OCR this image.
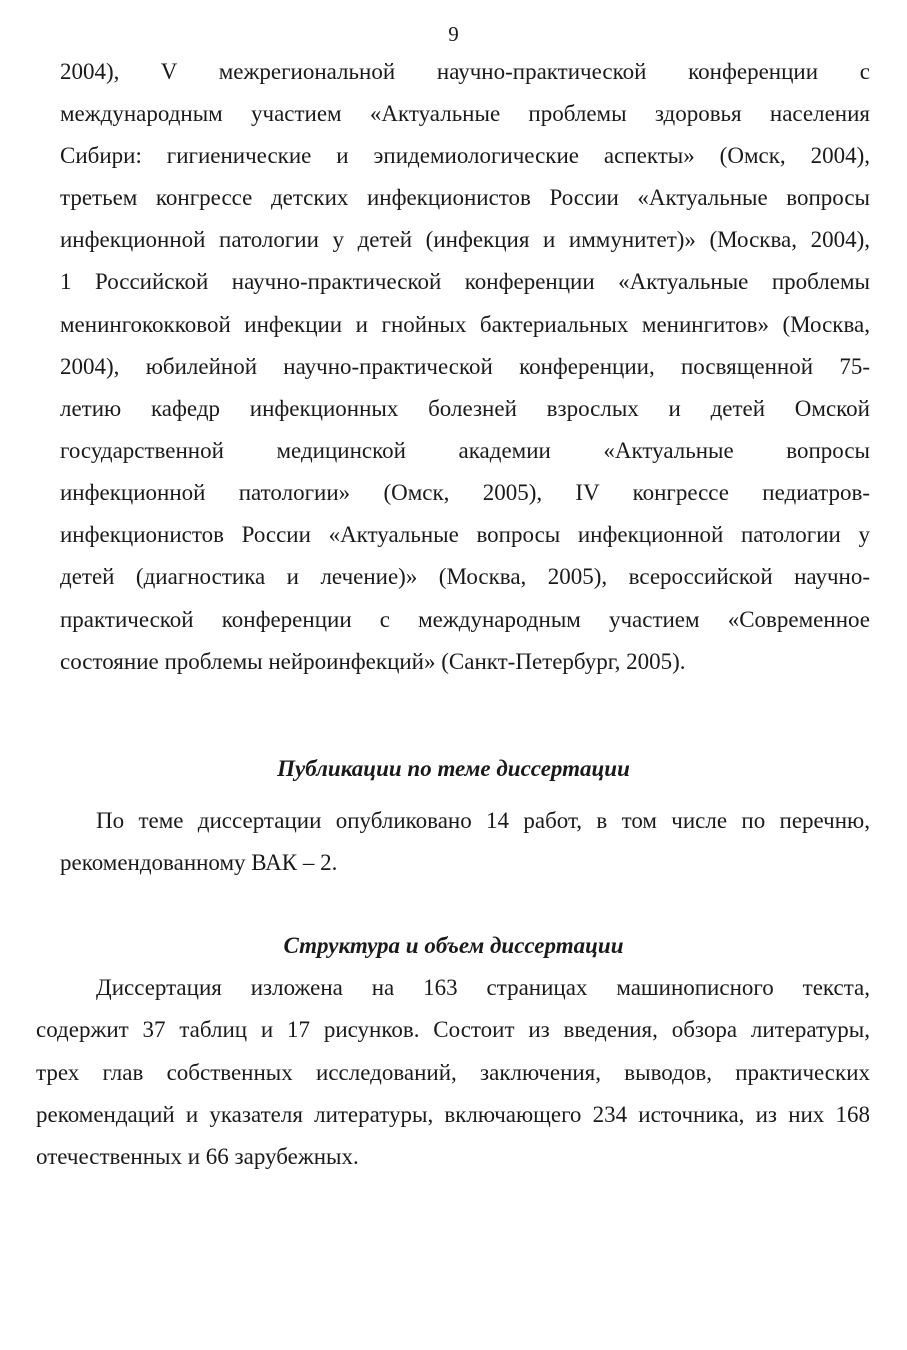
9
2004), V межрегиональной научно-практической конференции с
международным участием «Актуальные проблемы здоровья населения
Сибири: гигиенические и эпидемиологические аспекты» (Омск, 2004),
третьем конгрессе детских инфекционистов России «Актуальные вопросы
инфекционной патологии у детей (инфекция и иммунитет)» (Москва, 2004),
1 Российской научно-практической конференции «Актуальные проблемы
менингококковой инфекции и гнойных бактериальных менингитов» (Москва,
2004), юбилейной научно-практической конференции, посвященной 75-
летию кафедр инфекционных болезней взрослых и детей Омской
государственной медицинской академии «Актуальные вопросы
инфекционной патологии» (Омск, 2005), IV конгрессе педиатров-
инфекционистов России «Актуальные вопросы инфекционной патологии у
детей (диагностика и лечение)» (Москва, 2005), всероссийской научно-
практической конференции с международным участием «Современное
состояние проблемы нейроинфекций» (Санкт-Петербург, 2005).
Публикации по теме диссертации
По теме диссертации опубликовано 14 работ, в том числе по перечню,
рекомендованному ВАК – 2.
Структура и объем диссертации
Диссертация изложена на 163 страницах машинописного текста,
содержит 37 таблиц и 17 рисунков. Состоит из введения, обзора литературы,
трех глав собственных исследований, заключения, выводов, практических
рекомендаций и указателя литературы, включающего 234 источника, из них 168
отечественных и 66 зарубежных.
